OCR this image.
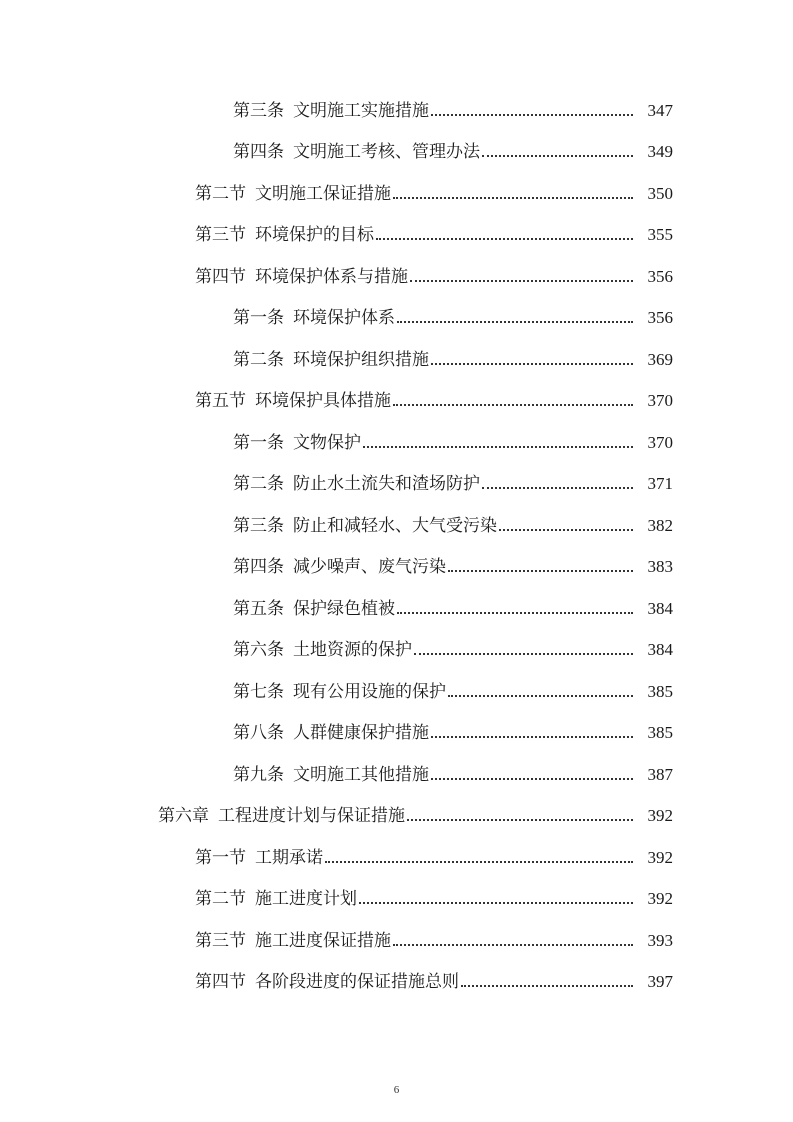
第三条 文明施工实施措施	347
第四条 文明施工考核、管理办法	349
第二节 文明施工保证措施	350
第三节 环境保护的目标	355
第四节 环境保护体系与措施	356
第一条 环境保护体系	356
第二条 环境保护组织措施	369
第五节 环境保护具体措施	370
第一条 文物保护	370
第二条 防止水土流失和渣场防护	371
第三条 防止和减轻水、大气受污染	382
第四条 减少噪声、废气污染	383
第五条 保护绿色植被	384
第六条 土地资源的保护	384
第七条 现有公用设施的保护	385
第八条 人群健康保护措施	385
第九条 文明施工其他措施	387
第六章 工程进度计划与保证措施	392
第一节 工期承诺	392
第二节 施工进度计划	392
第三节 施工进度保证措施	393
第四节 各阶段进度的保证措施总则	397
6
